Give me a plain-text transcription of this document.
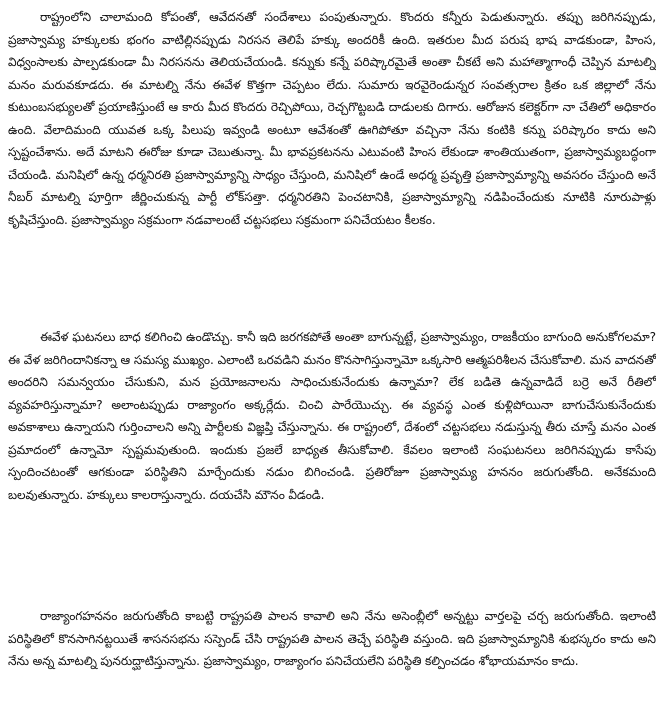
రాష్ట్రంలోని చాలామంది కోపంతో, ఆవేదనతో సందేశాలు పంపుతున్నారు. కొందరు కన్నీరు పెడుతున్నారు. తప్పు జరిగినప్పుడు, ప్రజాస్వామ్య హక్కులకు భంగం వాటిల్లినప్పుడు నిరసన తెలిపే హక్కు అందరికీ ఉంది. ఇతరుల మీద పరుష భాష వాడకుండా, హింస, విధ్వంసాలకు పాల్పడకుండా మీ నిరసనను తెలియచేయండి. కన్నుకు కన్నే పరిష్కారమైతే అంతా చీకటే అని మహాత్మాగాంధీ చెప్పిన మాటల్ని మనం మరువకూడదు. ఈ మాటల్ని నేను ఈవేళ కొత్తగా చెప్పటం లేదు. సుమారు ఇరవైరెండున్నర సంవత్సరాల క్రితం ఒక జిల్లాలో నేను కుటుంబసభ్యులతో ప్రయాణిస్తుంటే ఆ కారు మీద కొందరు రెచ్చిపోయి, రెచ్చగొట్టబడి దాడులకు దిగారు. ఆరోజున కలెక్టర్‌గా నా చేతిలో అధికారం ఉంది. వేలాదిమంది యువత ఒక్క పిలుపు ఇవ్వండి అంటూ ఆవేశంతో ఊగిపోతూ వచ్చినా నేను కంటికి కన్ను పరిష్కారం కాదు అని స్పష్టంచేశాను. అదే మాటని ఈరోజు కూడా చెబుతున్నా. మీ భావప్రకటనను ఎటువంటి హింస లేకుండా శాంతియుతంగా, ప్రజాస్వామ్యబద్ధంగా చేయండి. మనిషిలో ఉన్న ధర్మనిరతి ప్రజాస్వామ్యాన్ని సాధ్యం చేస్తుంది, మనిషిలో ఉండే అధర్మ ప్రవృత్తి ప్రజాస్వామ్యాన్ని అవసరం చేస్తుంది అనే నీబర్ మాటల్ని పూర్తిగా జీర్ణించుకున్న పార్టీ లోక్‌సత్తా. ధర్మనిరతిని పెంచటానికి, ప్రజాస్వామ్యాన్ని నడిపించేందుకు నూటికి నూరుపాళ్లు కృషిచేస్తుంది. ప్రజాస్వామ్యం సక్రమంగా నడవాలంటే చట్టసభలు సక్రమంగా పనిచేయటం కీలకం.

ఈవేళ ఘటనలు బాధ కలిగించి ఉండొచ్చు. కానీ ఇది జరగకపోతే అంతా బాగున్నట్టే, ప్రజాస్వామ్యం, రాజకీయం బాగుంది అనుకోగలమా? ఈ వేళ జరిగిందానికన్నా ఆ సమస్య ముఖ్యం. ఎలాంటి ఒరవడిని మనం కొనసాగిస్తున్నామో ఒక్కసారి ఆత్మపరిశీలన చేసుకోవాలి. మన వాదనతో అందరిని సమన్వయం చేసుకుని, మన ప్రయోజనాలను సాధించుకునేందుకు ఉన్నామా? లేక బడితె ఉన్నవాడిదే బర్రె అనే రీతిలో వ్యవహరిస్తున్నామా? అలాంటప్పుడు రాజ్యాంగం అక్కర్లేదు. చించి పారేయొచ్చు. ఈ వ్యవస్థ ఎంత కుళ్లిపోయినా బాగుచేసుకునేందుకు అవకాశాలు ఉన్నాయని గుర్తించాలని అన్ని పార్టీలకు విజ్ఞప్తి చేస్తున్నాను. ఈ రాష్ట్రంలో, దేశంలో చట్టసభలు నడుస్తున్న తీరు చూస్తే మనం ఎంత ప్రమాదంలో ఉన్నామో స్పష్టమవుతుంది. ఇందుకు ప్రజలే బాధ్యత తీసుకోవాలి. కేవలం ఇలాంటి సంఘటనలు జరిగినప్పుడు కాసేపు స్పందించటంతో ఆగకుండా పరిస్థితిని మార్చేందుకు నడుం బిగించండి. ప్రతిరోజూ ప్రజాస్వామ్య హననం జరుగుతోంది. అనేకమంది బలవుతున్నారు. హక్కులు కాలరాస్తున్నారు. దయచేసి మౌనం వీడండి.

రాజ్యాంగహననం జరుగుతోంది కాబట్టి రాష్ట్రపతి పాలన కావాలి అని నేను అసెంబ్లీలో అన్నట్టు వార్తలపై చర్చ జరుగుతోంది. ఇలాంటి పరిస్థితిలో కొనసాగినట్టయితే శాసనసభను సస్పెండ్ చేసి రాష్ట్రపతి పాలన తెచ్చే పరిస్థితి వస్తుంది. ఇది ప్రజాస్వామ్యానికి శుభస్కరం కాదు అని నేను అన్న మాటల్ని పునరుద్ఘాటిస్తున్నాను. ప్రజాస్వామ్యం, రాజ్యాంగం పనిచేయలేని పరిస్థితి కల్పించడం శోభాయమానం కాదు.
